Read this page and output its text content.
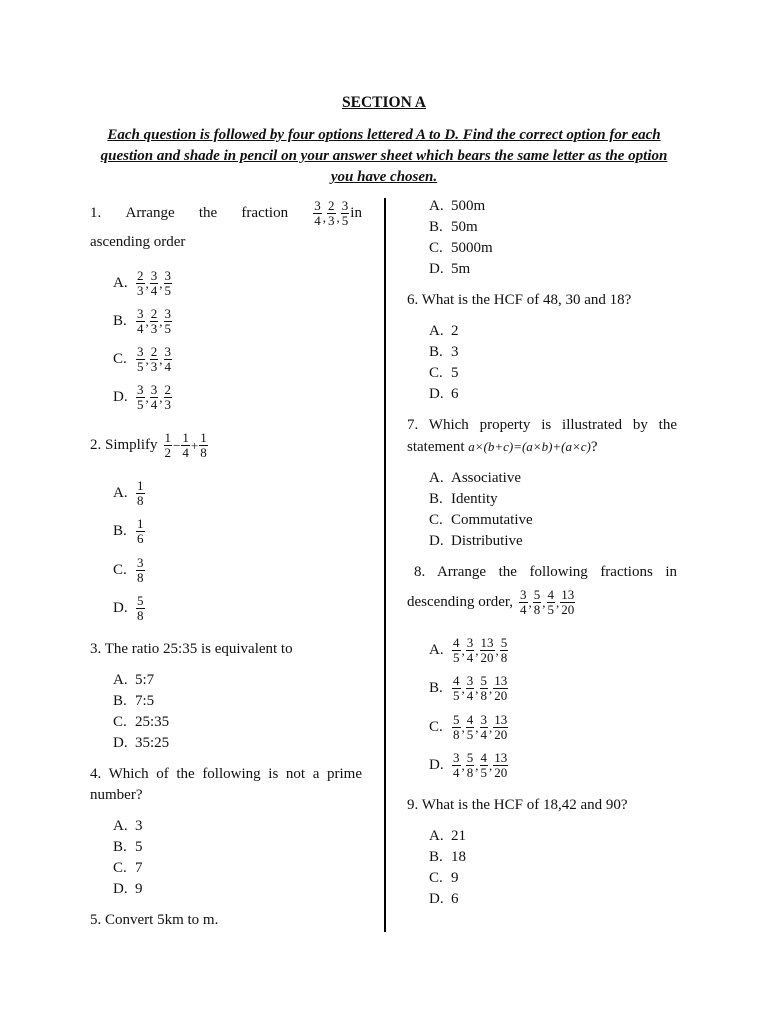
SECTION A
Each question is followed by four options lettered A to D. Find the correct option for each question and shade in pencil on your answer sheet which bears the same letter as the option you have chosen.
1. Arrange the fraction $\frac{3}{4}$ , $\frac{2}{3}$ , $\frac{3}{5}$ in
ascending order
A. $\frac{2}{3}$ , $\frac{3}{4}$ , $\frac{3}{5}$
B. $\frac{3}{4}$ , $\frac{2}{3}$ , $\frac{3}{5}$
C. $\frac{3}{5}$ , $\frac{2}{3}$ , $\frac{3}{4}$
D. $\frac{3}{5}$ , $\frac{3}{4}$ , $\frac{2}{3}$
2. Simplify $\frac{1}{2} - \frac{1}{4} + \frac{1}{8}$
A. $\frac{1}{8}$
B. $\frac{1}{6}$
C. $\frac{3}{8}$
D. $\frac{5}{8}$
3. The ratio 25:35 is equivalent to
A. 5:7
B. 7:5
C. 25:35
D. 35:25
4. Which of the following is not a prime number?
A. 3
B. 5
C. 7
D. 9
5. Convert 5km to m.
A. 500m
B. 50m
C. 5000m
D. 5m
6. What is the HCF of 48, 30 and 18?
A. 2
B. 3
C. 5
D. 6
7. Which property is illustrated by the
statement a×(b+c)=(a×b)+(a×c)?
A. Associative
B. Identity
C. Commutative
D. Distributive
8. Arrange the following fractions in
descending order, $\frac{3}{4}$ , $\frac{5}{8}$ , $\frac{4}{5}$ , $\frac{13}{20}$
A. $\frac{4}{5}$ , $\frac{3}{4}$ , $\frac{13}{20}$ , $\frac{5}{8}$
B. $\frac{4}{5}$ , $\frac{3}{4}$ , $\frac{5}{8}$ , $\frac{13}{20}$
C. $\frac{5}{8}$ , $\frac{4}{5}$ , $\frac{3}{4}$ , $\frac{13}{20}$
D. $\frac{3}{4}$ , $\frac{5}{8}$ , $\frac{4}{5}$ , $\frac{13}{20}$
9. What is the HCF of 18,42 and 90?
A. 21
B. 18
C. 9
D. 6
